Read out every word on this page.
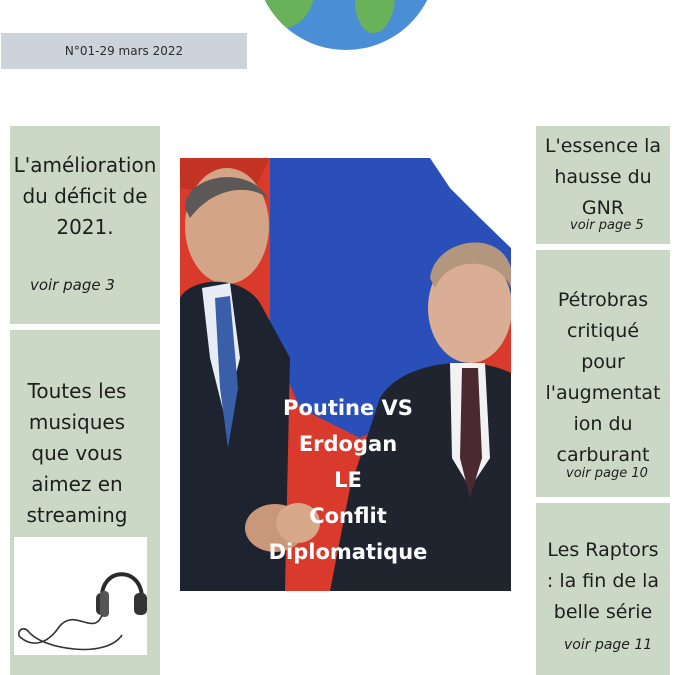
N°01-29 mars 2022
L'amélioration
du déficit de
2021.
voir page 3
Toutes les
musiques
que vous
aimez en
streaming
Poutine VS
Erdogan
LE
Conflit
Diplomatique
L'essence la
hausse du
GNR
voir page 5
Pétrobras
critiqué
pour
l'augmentat
ion du
carburant
voir page 10
Les Raptors
: la fin de la
belle série
voir page 11
